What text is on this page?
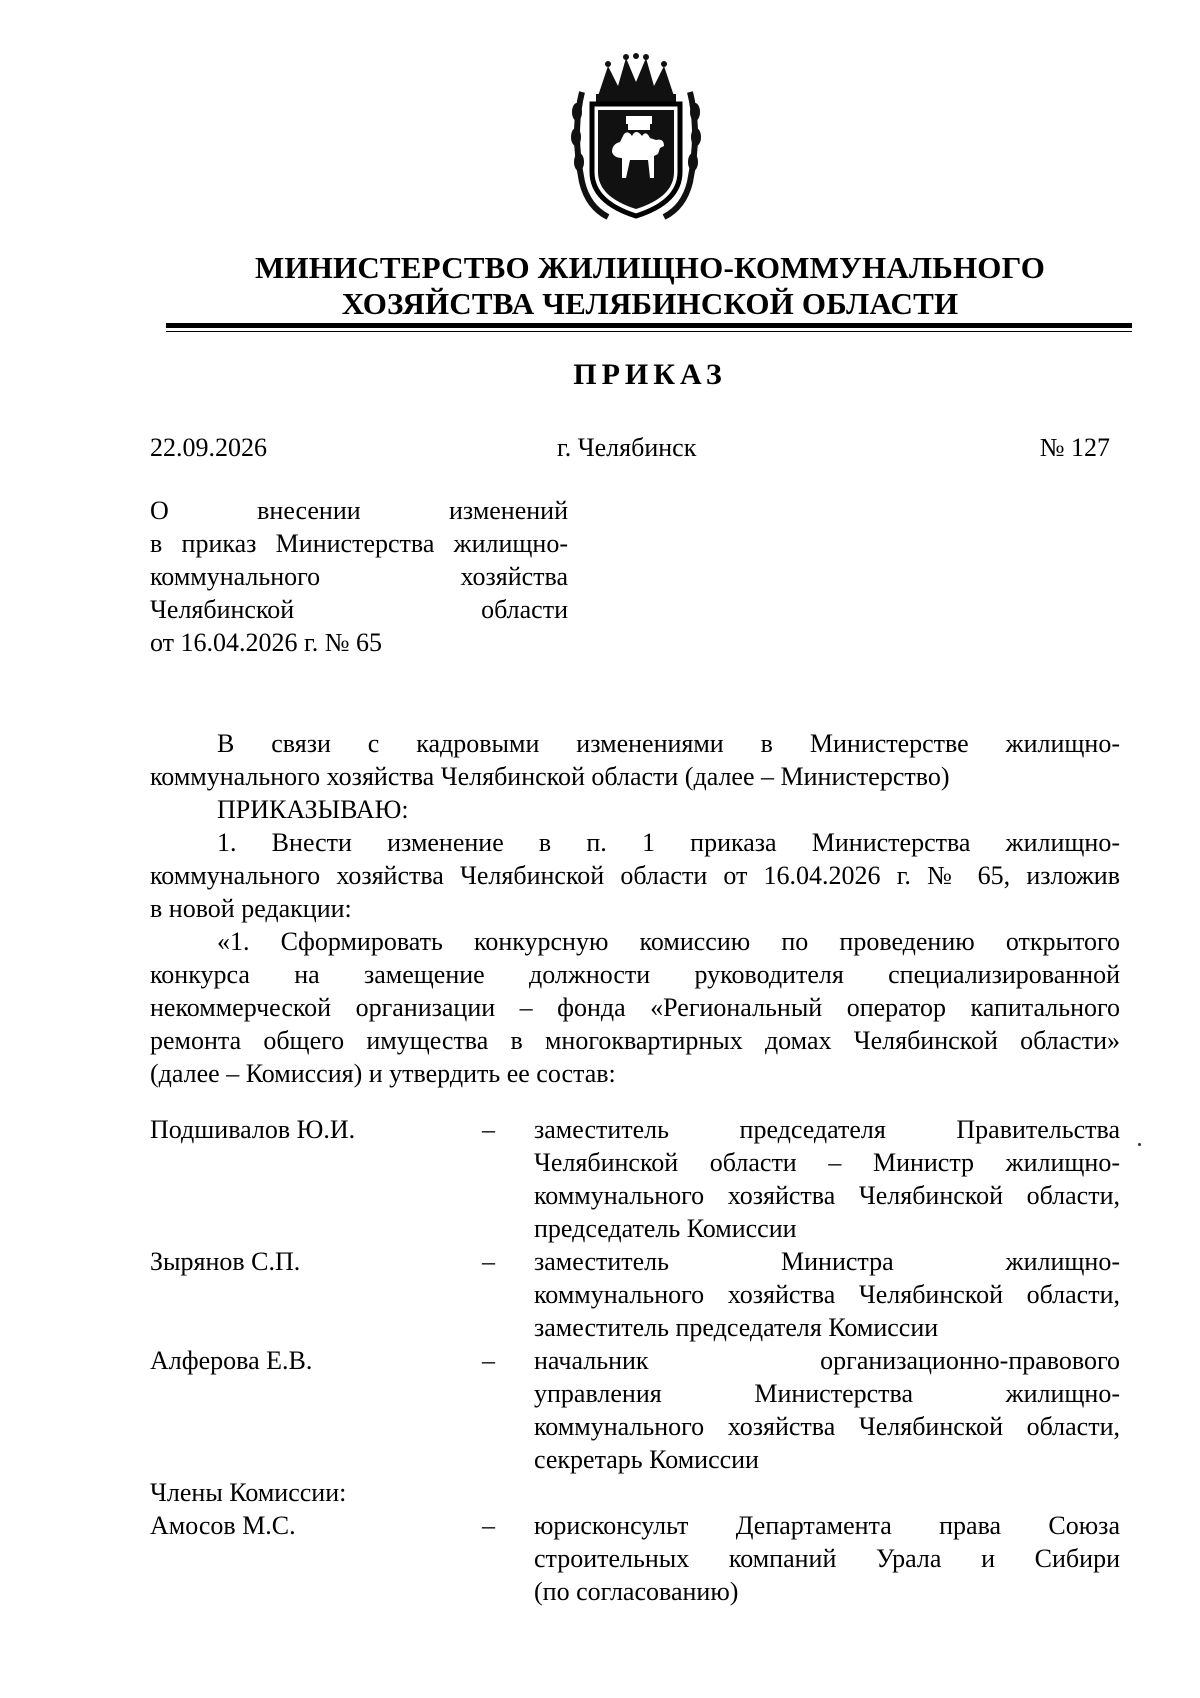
МИНИСТЕРСТВО ЖИЛИЩНО-КОММУНАЛЬНОГО
ХОЗЯЙСТВА ЧЕЛЯБИНСКОЙ ОБЛАСТИ
ПРИКАЗ
22.09.2026	г. Челябинск	№ 127
О	внесении	изменений
в приказ Министерства жилищно-
коммунального	хозяйства
Челябинской	области
от 16.04.2026 г. № 65
В связи с кадровыми изменениями в Министерстве жилищно-
коммунального хозяйства Челябинской области (далее – Министерство)
ПРИКАЗЫВАЮ:
1. Внести изменение в п. 1 приказа Министерства жилищно-
коммунального хозяйства Челябинской области от 16.04.2026 г. № 65, изложив
в новой редакции:
«1. Сформировать конкурсную комиссию по проведению открытого
конкурса на замещение должности руководителя специализированной
некоммерческой организации – фонда «Региональный оператор капитального
ремонта общего имущества в многоквартирных домах Челябинской области»
(далее – Комиссия) и утвердить ее состав:
Подшивалов Ю.И.	– заместитель председателя Правительства
Челябинской области – Министр жилищно-
коммунального хозяйства Челябинской области,
председатель Комиссии
Зырянов С.П.	– заместитель Министра жилищно-
коммунального хозяйства Челябинской области,
заместитель председателя Комиссии
Алферова Е.В.	– начальник организационно-правового
управления Министерства жилищно-
коммунального хозяйства Челябинской области,
секретарь Комиссии
Члены Комиссии:
Амосов М.С.	– юрисконсульт Департамента права Союза
строительных компаний Урала и Сибири
(по согласованию)
